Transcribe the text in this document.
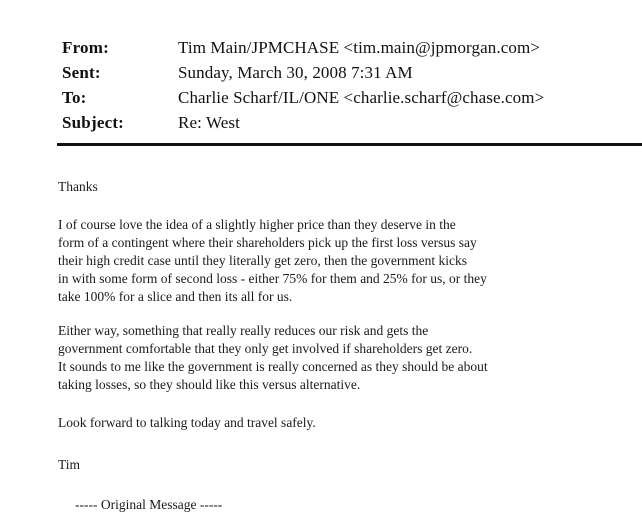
From:	Tim Main/JPMCHASE <tim.main@jpmorgan.com>
Sent:	Sunday, March 30, 2008 7:31 AM
To:	Charlie Scharf/IL/ONE <charlie.scharf@chase.com>
Subject:	Re: West

Thanks

I of course love the idea of a slightly higher price than they deserve in the
form of a contingent where their shareholders pick up the first loss versus say
their high credit case until they literally get zero, then the government kicks
in with some form of second loss - either 75% for them and 25% for us, or they
take 100% for a slice and then its all for us.

Either way, something that really really reduces our risk and gets the
government comfortable that they only get involved if shareholders get zero.
It sounds to me like the government is really concerned as they should be about
taking losses, so they should like this versus alternative.

Look forward to talking today and travel safely.

Tim

----- Original Message -----
